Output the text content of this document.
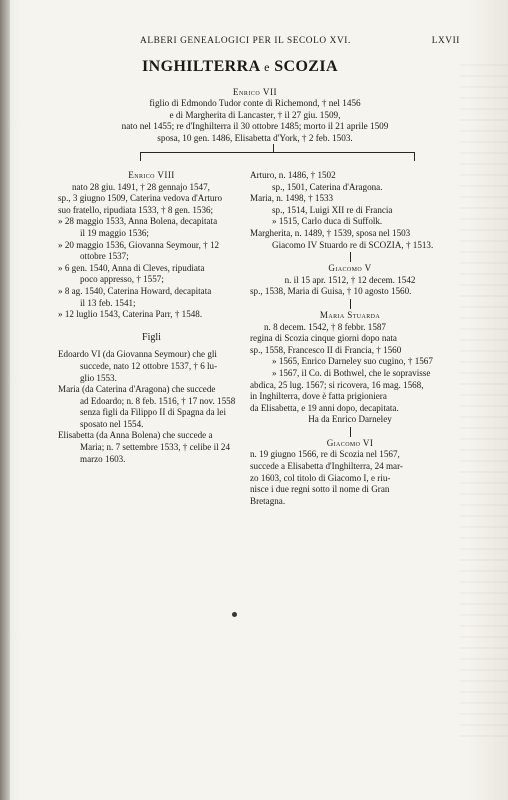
ALBERI GENEALOGICI PER IL SECOLO XVI.	LXVII
INGHILTERRA e SCOZIA
Enrico VII
figlio di Edmondo Tudor conte di Richemond, † nel 1456
e di Margherita di Lancaster, † il 27 giu. 1509,
nato nel 1455; re d'Inghilterra il 30 ottobre 1485; morto il 21 aprile 1509
sposa, 10 gen. 1486, Elisabetta d'York, † 2 feb. 1503.
Enrico VIII
nato 28 giu. 1491, † 28 gennajo 1547,
sp., 3 giugno 1509, Caterina vedova d'Arturo
suo fratello, ripudiata 1533, † 8 gen. 1536;
» 28 maggio 1533, Anna Bolena, decapitata
il 19 maggio 1536;
» 20 maggio 1536, Giovanna Seymour, † 12
ottobre 1537;
» 6 gen. 1540, Anna di Cleves, ripudiata
poco appresso, † 1557;
» 8 ag. 1540, Caterina Howard, decapitata
il 13 feb. 1541;
» 12 luglio 1543, Caterina Parr, † 1548.
Figli
Edoardo VI (da Giovanna Seymour) che gli
succede, nato 12 ottobre 1537, † 6 lu-
glio 1553.
Maria (da Caterina d'Aragona) che succede
ad Edoardo; n. 8 feb. 1516, † 17 nov. 1558
senza figli da Filippo II di Spagna da lei
sposato nel 1554.
Elisabetta (da Anna Bolena) che succede a
Maria; n. 7 settembre 1533, † celibe il 24
marzo 1603.
Arturo, n. 1486, † 1502
sp., 1501, Caterina d'Aragona.
Maria, n. 1498, † 1533
sp., 1514, Luigi XII re di Francia
» 1515, Carlo duca di Suffolk.
Margherita, n. 1489, † 1539, sposa nel 1503
Giacomo IV Stuardo re di SCOZIA, † 1513.
Giacomo V
n. il 15 apr. 1512, † 12 decem. 1542
sp., 1538, Maria di Guisa, † 10 agosto 1560.
Maria Stuarda
n. 8 decem. 1542, † 8 febbr. 1587
regina di Scozia cinque giorni dopo nata
sp., 1558, Francesco II di Francia, † 1560
» 1565, Enrico Darneley suo cugino, † 1567
» 1567, il Co. di Bothwel, che le sopravisse
abdica, 25 lug. 1567; si ricovera, 16 mag. 1568,
in Inghilterra, dove è fatta prigioniera
da Elisabetta, e 19 anni dopo, decapitata.
Ha da Enrico Darneley
Giacomo VI
n. 19 giugno 1566, re di Scozia nel 1567,
succede a Elisabetta d'Inghilterra, 24 mar-
zo 1603, col titolo di Giacomo I, e riu-
nisce i due regni sotto il nome di Gran
Bretagna.
